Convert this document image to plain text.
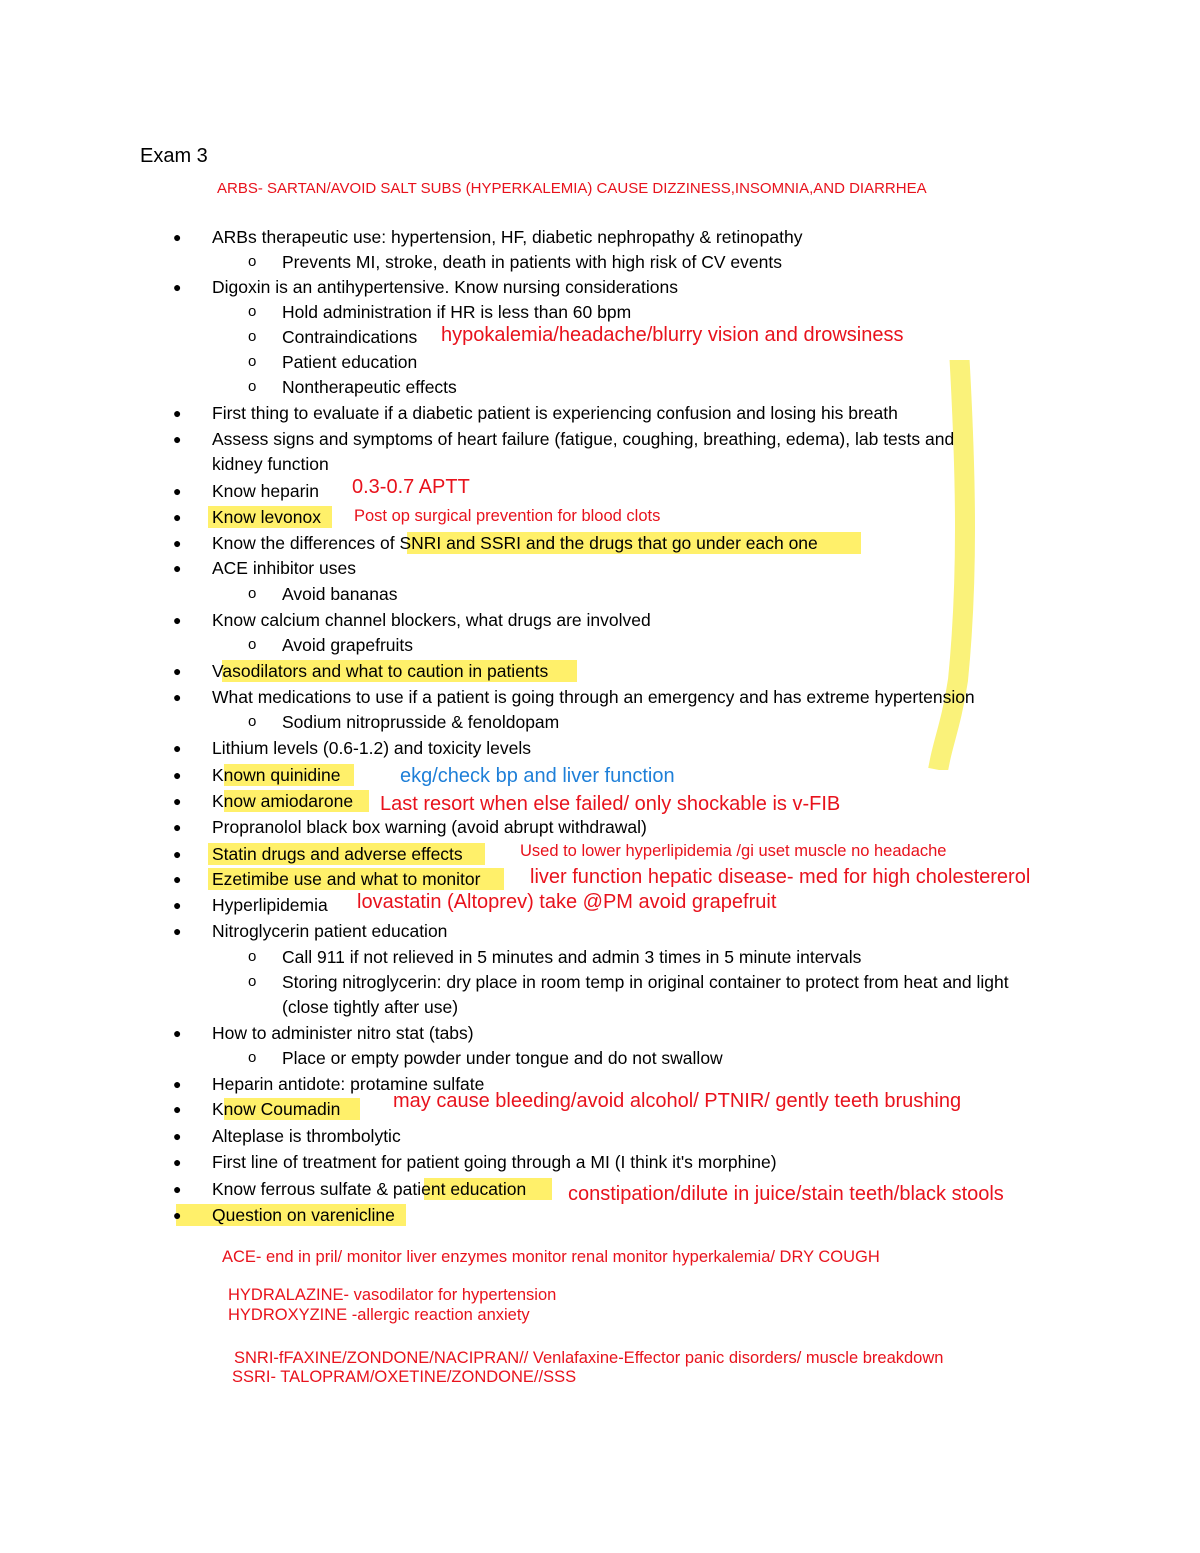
Exam 3
ARBS- SARTAN/AVOID SALT SUBS (HYPERKALEMIA) CAUSE DIZZINESS,INSOMNIA,AND DIARRHEA
● ARBs therapeutic use: hypertension, HF, diabetic nephropathy & retinopathy
o Prevents MI, stroke, death in patients with high risk of CV events
● Digoxin is an antihypertensive. Know nursing considerations
o Hold administration if HR is less than 60 bpm
o Contraindications hypokalemia/headache/blurry vision and drowsiness
o Patient education
o Nontherapeutic effects
● First thing to evaluate if a diabetic patient is experiencing confusion and losing his breath
● Assess signs and symptoms of heart failure (fatigue, coughing, breathing, edema), lab tests and
kidney function
● Know heparin 0.3-0.7 APTT
● Know levonox Post op surgical prevention for blood clots
● Know the differences of SNRI and SSRI and the drugs that go under each one
● ACE inhibitor uses
o Avoid bananas
● Know calcium channel blockers, what drugs are involved
o Avoid grapefruits
● Vasodilators and what to caution in patients
● What medications to use if a patient is going through an emergency and has extreme hypertension
o Sodium nitroprusside & fenoldopam
● Lithium levels (0.6-1.2) and toxicity levels
● Known quinidine	ekg/check bp and liver function
● Know amiodarone Last resort when else failed/ only shockable is v-FIB
● Propranolol black box warning (avoid abrupt withdrawal)
● Statin drugs and adverse effects	Used to lower hyperlipidemia /gi uset muscle no headache
● Ezetimibe use and what to monitor liver function hepatic disease- med for high cholestererol
● Hyperlipidemia lovastatin (Altoprev) take @PM avoid grapefruit
● Nitroglycerin patient education
o Call 911 if not relieved in 5 minutes and admin 3 times in 5 minute intervals
o Storing nitroglycerin: dry place in room temp in original container to protect from heat and light
(close tightly after use)
● How to administer nitro stat (tabs)
o Place or empty powder under tongue and do not swallow
● Heparin antidote: protamine sulfate
● Know Coumadin	may cause bleeding/avoid alcohol/ PTNIR/ gently teeth brushing
● Alteplase is thrombolytic
● First line of treatment for patient going through a MI (I think it's morphine)
● Know ferrous sulfate & patient education constipation/dilute in juice/stain teeth/black stools
● Question on varenicline
ACE- end in pril/ monitor liver enzymes monitor renal monitor hyperkalemia/ DRY COUGH
HYDRALAZINE- vasodilator for hypertension
HYDROXYZINE -allergic reaction anxiety
SNRI-fFAXINE/ZONDONE/NACIPRAN// Venlafaxine-Effector panic disorders/ muscle breakdown
SSRI- TALOPRAM/OXETINE/ZONDONE//SSS
